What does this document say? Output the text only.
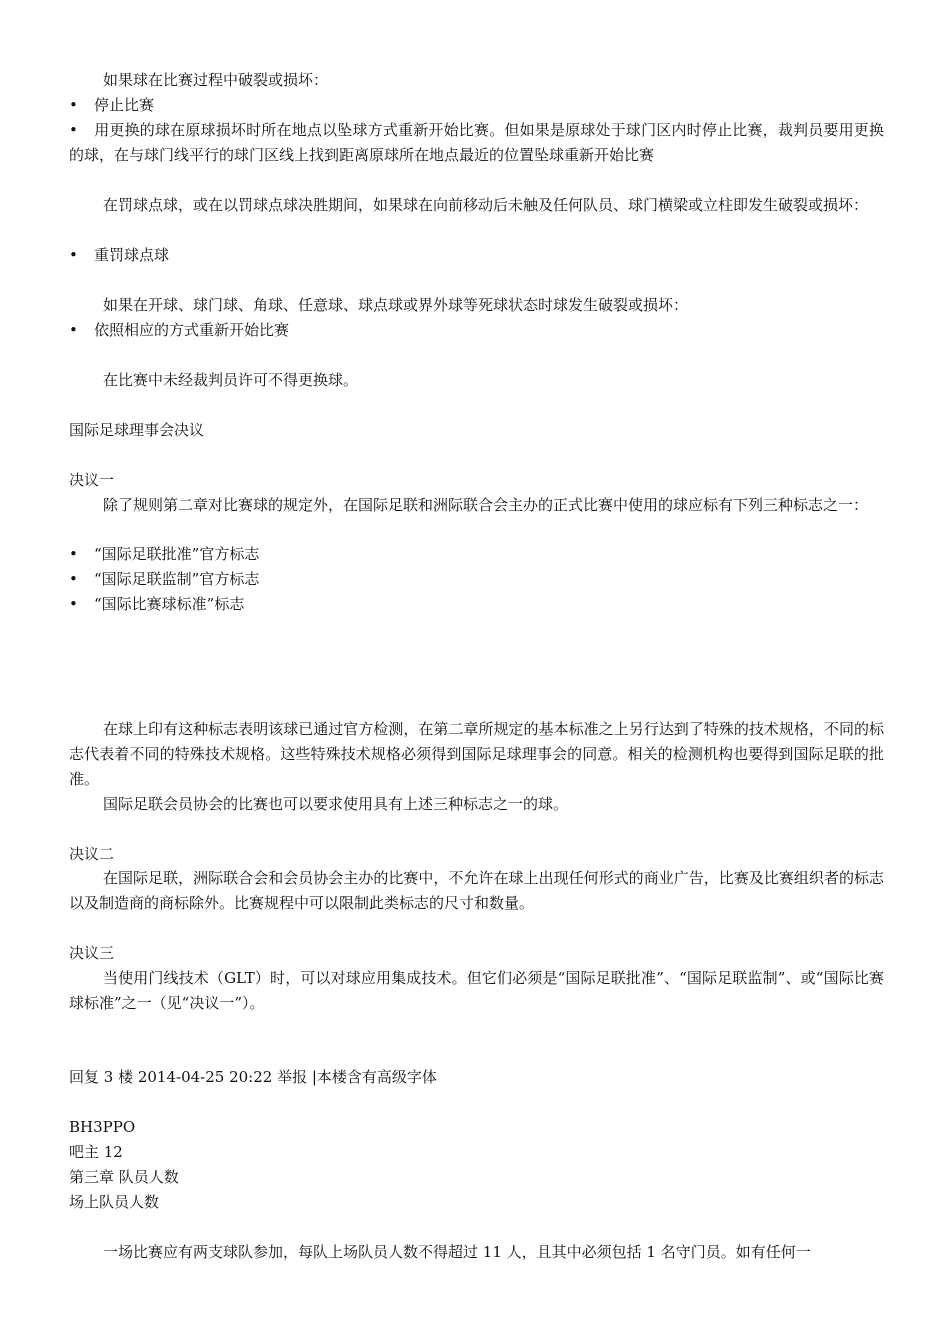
如果球在比赛过程中破裂或损坏：
• 停止比赛

• 用更换的球在原球损坏时所在地点以坠球方式重新开始比赛。但如果是原球处于球门区内时停止比赛，裁判员要用更换的球，在与球门线平行的球门区线上找到距离原球所在地点最近的位置坠球重新开始比赛

在罚球点球，或在以罚球点球决胜期间，如果球在向前移动后未触及任何队员、球门横梁或立柱即发生破裂或损坏：

• 重罚球点球
如果在开球、球门球、角球、任意球、球点球或界外球等死球状态时球发生破裂或损坏：
• 依照相应的方式重新开始比赛
在比赛中未经裁判员许可不得更换球。
国际足球理事会决议
决议一

除了规则第二章对比赛球的规定外，在国际足联和洲际联合会主办的正式比赛中使用的球应标有下列三种标志之一：

• “国际足联批准”官方标志
• “国际足联监制”官方标志
• “国际比赛球标准”标志

在球上印有这种标志表明该球已通过官方检测，在第二章所规定的基本标准之上另行达到了特殊的技术规格，不同的标志代表着不同的特殊技术规格。这些特殊技术规格必须得到国际足球理事会的同意。相关的检测机构也要得到国际足联的批准。

国际足联会员协会的比赛也可以要求使用具有上述三种标志之一的球。

决议二

在国际足联，洲际联合会和会员协会主办的比赛中，不允许在球上出现任何形式的商业广告，比赛及比赛组织者的标志以及制造商的商标除外。比赛规程中可以限制此类标志的尺寸和数量。

决议三

当使用门线技术（GLT）时，可以对球应用集成技术。但它们必须是“国际足联批准”、“国际足联监制”、或“国际比赛球标准”之一（见“决议一”）。

回复 3 楼 2014-04-25 20:22 举报 |本楼含有高级字体
BH3PPO
吧主 12
第三章 队员人数
场上队员人数
一场比赛应有两支球队参加，每队上场队员人数不得超过 11 人，且其中必须包括 1 名守门员。如有任何一
